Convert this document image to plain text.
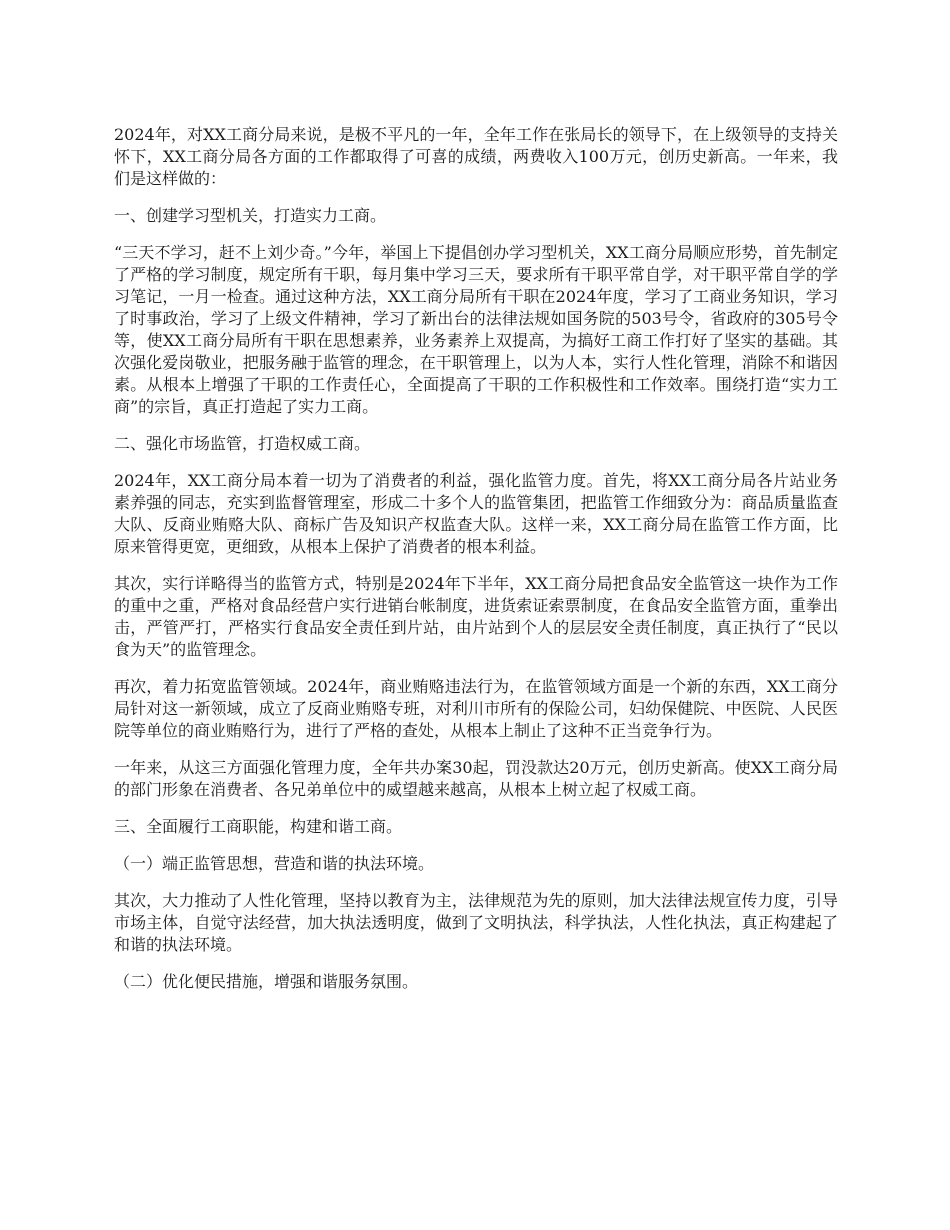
2024年，对XX工商分局来说，是极不平凡的一年，全年工作在张局长的领导下，在上级领导的支持关怀下，XX工商分局各方面的工作都取得了可喜的成绩，两费收入100万元，创历史新高。一年来，我们是这样做的：

一、创建学习型机关，打造实力工商。

“三天不学习，赶不上刘少奇。”今年，举国上下提倡创办学习型机关，XX工商分局顺应形势，首先制定了严格的学习制度，规定所有干职，每月集中学习三天，要求所有干职平常自学，对干职平常自学的学习笔记，一月一检查。通过这种方法，XX工商分局所有干职在2024年度，学习了工商业务知识，学习了时事政治，学习了上级文件精神，学习了新出台的法律法规如国务院的503号令，省政府的305号令等，使XX工商分局所有干职在思想素养，业务素养上双提高，为搞好工商工作打好了坚实的基础。其次强化爱岗敬业，把服务融于监管的理念，在干职管理上，以为人本，实行人性化管理，消除不和谐因素。从根本上增强了干职的工作责任心，全面提高了干职的工作积极性和工作效率。围绕打造“实力工商”的宗旨，真正打造起了实力工商。

二、强化市场监管，打造权威工商。

2024年，XX工商分局本着一切为了消费者的利益，强化监管力度。首先，将XX工商分局各片站业务素养强的同志，充实到监督管理室，形成二十多个人的监管集团，把监管工作细致分为：商品质量监查大队、反商业贿赂大队、商标广告及知识产权监查大队。这样一来，XX工商分局在监管工作方面，比原来管得更宽，更细致，从根本上保护了消费者的根本利益。

其次，实行详略得当的监管方式，特别是2024年下半年，XX工商分局把食品安全监管这一块作为工作的重中之重，严格对食品经营户实行进销台帐制度，进货索证索票制度，在食品安全监管方面，重拳出击，严管严打，严格实行食品安全责任到片站，由片站到个人的层层安全责任制度，真正执行了“民以食为天”的监管理念。

再次，着力拓宽监管领域。2024年，商业贿赂违法行为，在监管领域方面是一个新的东西，XX工商分局针对这一新领域，成立了反商业贿赂专班，对利川市所有的保险公司，妇幼保健院、中医院、人民医院等单位的商业贿赂行为，进行了严格的查处，从根本上制止了这种不正当竞争行为。

一年来，从这三方面强化管理力度，全年共办案30起，罚没款达20万元，创历史新高。使XX工商分局的部门形象在消费者、各兄弟单位中的威望越来越高，从根本上树立起了权威工商。

三、全面履行工商职能，构建和谐工商。

（一）端正监管思想，营造和谐的执法环境。

其次，大力推动了人性化管理，坚持以教育为主，法律规范为先的原则，加大法律法规宣传力度，引导市场主体，自觉守法经营，加大执法透明度，做到了文明执法，科学执法，人性化执法，真正构建起了和谐的执法环境。

（二）优化便民措施，增强和谐服务氛围。
